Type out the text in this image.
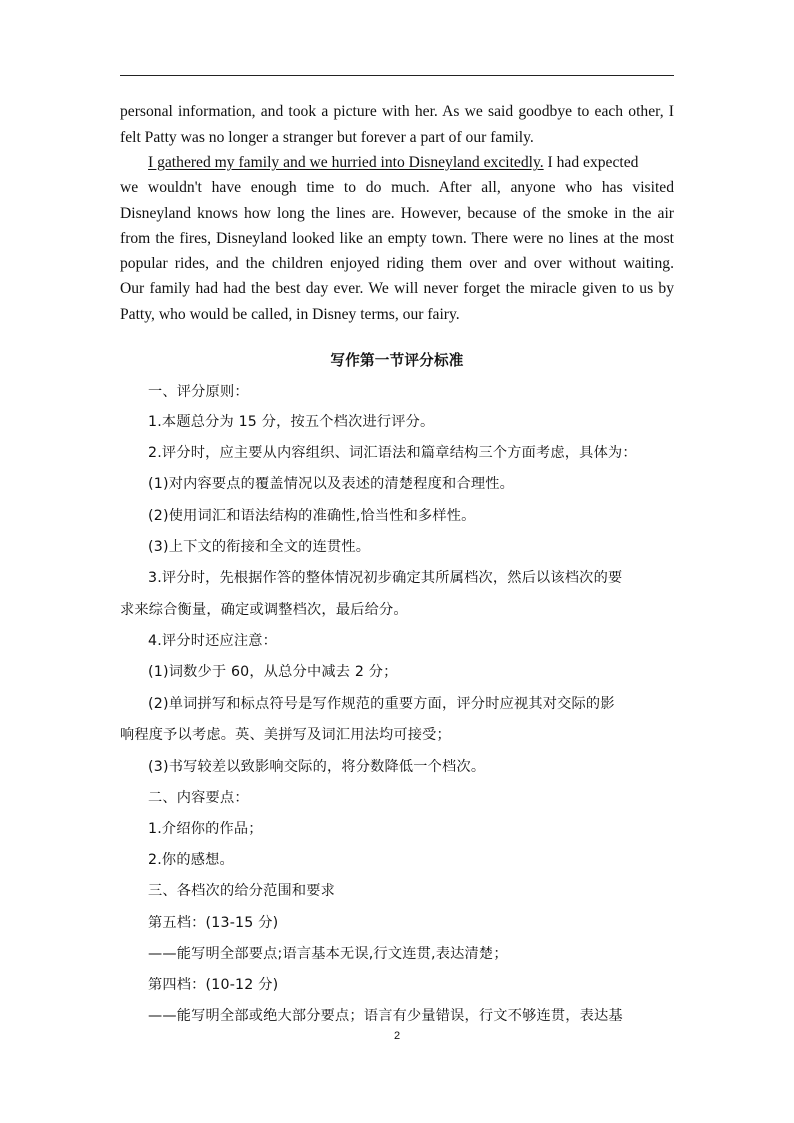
personal information, and took a picture with her. As we said goodbye to each other, I
felt Patty was no longer a stranger but forever a part of our family.
I gathered my family and we hurried into Disneyland excitedly. I had expected
we wouldn't have enough time to do much. After all, anyone who has visited
Disneyland knows how long the lines are. However, because of the smoke in the air
from the fires, Disneyland looked like an empty town. There were no lines at the most
popular rides, and the children enjoyed riding them over and over without waiting.
Our family had had the best day ever. We will never forget the miracle given to us by
Patty, who would be called, in Disney terms, our fairy.
写作第一节评分标准
一、评分原则：
1.本题总分为 15 分，按五个档次进行评分。
2.评分时，应主要从内容组织、词汇语法和篇章结构三个方面考虑，具体为：
(1)对内容要点的覆盖情况以及表述的清楚程度和合理性。
(2)使用词汇和语法结构的准确性,恰当性和多样性。
(3)上下文的衔接和全文的连贯性。
3.评分时，先根据作答的整体情况初步确定其所属档次，然后以该档次的要
求来综合衡量，确定或调整档次，最后给分。
4.评分时还应注意：
(1)词数少于 60，从总分中减去 2 分；
(2)单词拼写和标点符号是写作规范的重要方面，评分时应视其对交际的影
响程度予以考虑。英、美拼写及词汇用法均可接受；
(3)书写较差以致影响交际的，将分数降低一个档次。
二、内容要点：
1.介绍你的作品；
2.你的感想。
三、各档次的给分范围和要求
第五档：(13-15 分)
——能写明全部要点;语言基本无误,行文连贯,表达清楚；
第四档：(10-12 分)
——能写明全部或绝大部分要点；语言有少量错误，行文不够连贯，表达基
2
